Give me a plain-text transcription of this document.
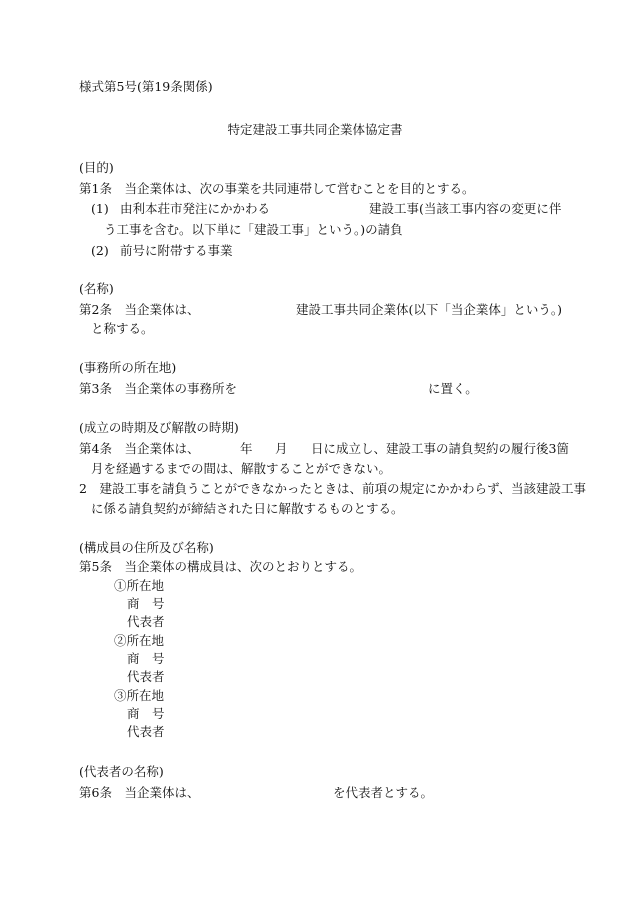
様式第5号(第19条関係)
特定建設工事共同企業体協定書
(目的)
第1条　当企業体は、次の事業を共同連帯して営むことを目的とする。
(1) 由利本荘市発注にかかわる	建設工事(当該工事内容の変更に伴
う工事を含む。以下単に「建設工事」という。)の請負
(2) 前号に附帯する事業
(名称)
第2条　当企業体は、	建設工事共同企業体(以下「当企業体」という。)
と称する。
(事務所の所在地)
第3条　当企業体の事務所を	に置く。
(成立の時期及び解散の時期)
第4条　当企業体は、	年 月 日に成立し、建設工事の請負契約の履行後3箇
月を経過するまでの間は、解散することができない。
2　建設工事を請負うことができなかったときは、前項の規定にかかわらず、当該建設工事
に係る請負契約が締結された日に解散するものとする。
(構成員の住所及び名称)
第5条　当企業体の構成員は、次のとおりとする。
①所在地
商　号
代表者
②所在地
商　号
代表者
③所在地
商　号
代表者
(代表者の名称)
第6条　当企業体は、	を代表者とする。
